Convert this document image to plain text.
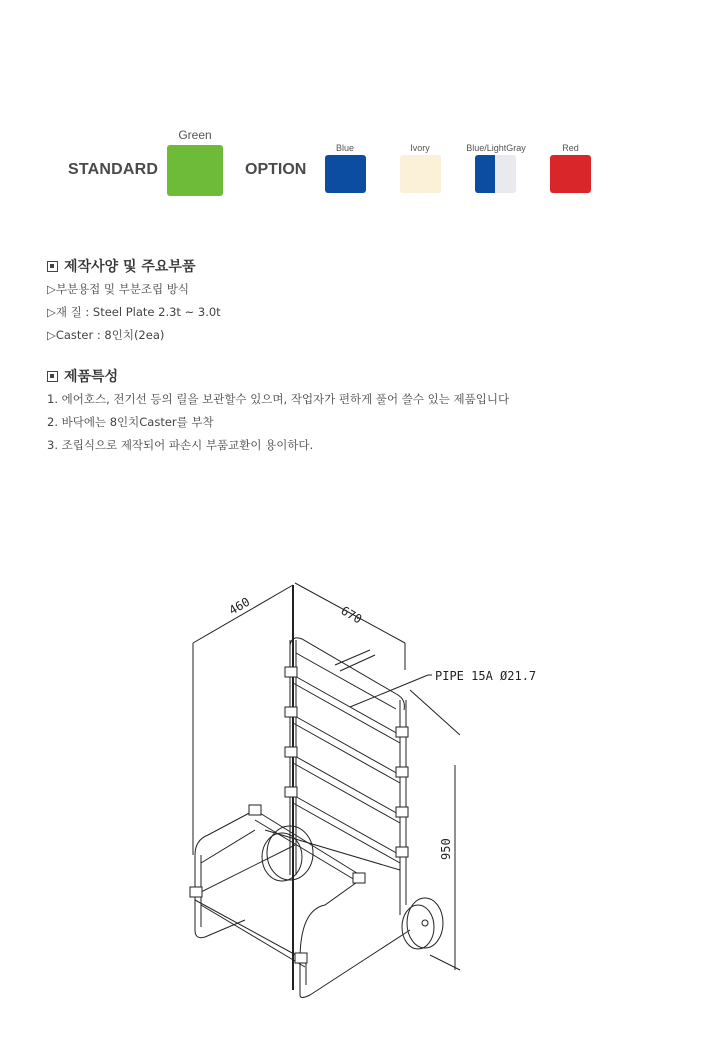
STANDARD
Green
OPTION
Blue	Ivory	Blue/LightGray	Red
제작사양 및 주요부품
▷부분용접 및 부분조립 방식
▷재 질 : Steel Plate 2.3t ~ 3.0t
▷Caster : 8인치(2ea)
제품특성
1. 에어호스, 전기선 등의 릴을 보관할수 있으며, 작업자가 편하게 풀어 쓸수 있는 제품입니다
2. 바닥에는 8인치Caster를 부착
3. 조립식으로 제작되어 파손시 부품교환이 용이하다.
460	670
950
PIPE 15A Ø21.7
